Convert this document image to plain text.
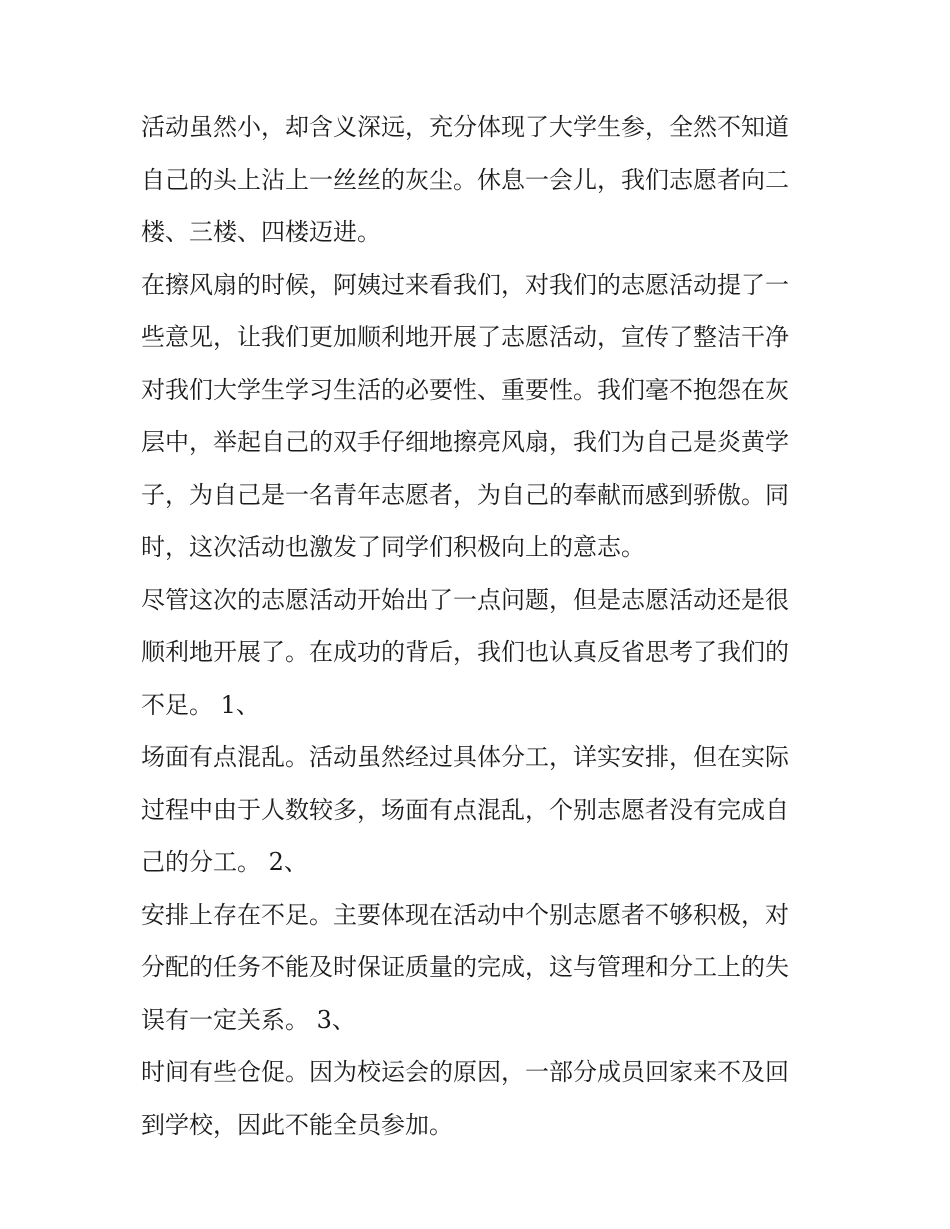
活动虽然小，却含义深远，充分体现了大学生参，全然不知道
自己的头上沾上一丝丝的灰尘。休息一会儿，我们志愿者向二
楼、三楼、四楼迈进。

在擦风扇的时候，阿姨过来看我们，对我们的志愿活动提了一
些意见，让我们更加顺利地开展了志愿活动，宣传了整洁干净
对我们大学生学习生活的必要性、重要性。我们毫不抱怨在灰
层中，举起自己的双手仔细地擦亮风扇，我们为自己是炎黄学
子，为自己是一名青年志愿者，为自己的奉献而感到骄傲。同
时，这次活动也激发了同学们积极向上的意志。

尽管这次的志愿活动开始出了一点问题，但是志愿活动还是很
顺利地开展了。在成功的背后，我们也认真反省思考了我们的
不足。 1、

场面有点混乱。活动虽然经过具体分工，详实安排，但在实际
过程中由于人数较多，场面有点混乱，个别志愿者没有完成自
己的分工。 2、

安排上存在不足。主要体现在活动中个别志愿者不够积极，对
分配的任务不能及时保证质量的完成，这与管理和分工上的失
误有一定关系。 3、

时间有些仓促。因为校运会的原因，一部分成员回家来不及回
到学校，因此不能全员参加。
